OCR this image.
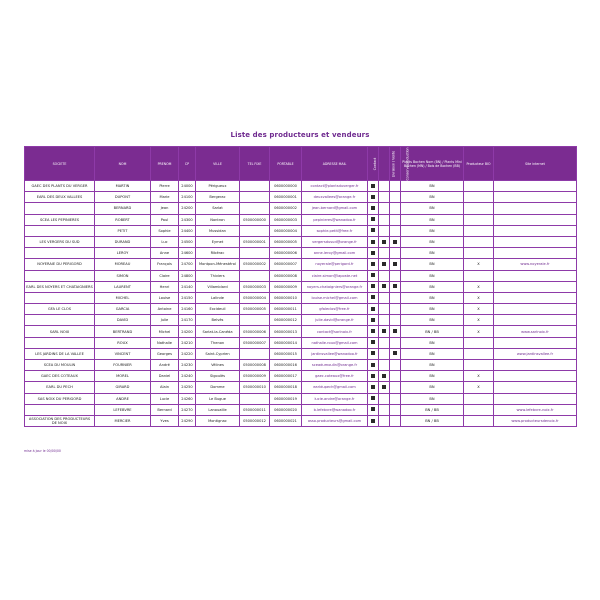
Liste des producteurs et vendeurs
SOCIETE	NOM	PRENOM	CP	VILLE	TEL FIXE	PORTABLE	ADRESSE MAIL	Contact	Livraison / Vente	Conserve production	Plants Bochen Nom (BN) / Plants Mini Bochen (MN) / Bois de Bochen (BB)	Producteur BIO	Site internet
GAEC DES PLANTS DU VERGER	MARTIN	Pierre	24000	Périgueux		0600000000	contact@plantsduverger.fr				BN		
EARL DES DEUX VALLEES	DUPONT	Marie	24100	Bergerac		0600000001	deuxvallees@orange.fr				BN		
	BERNARD	Jean	24200	Sarlat		0600000002	jean.bernard@gmail.com				BN		
SCEA LES PEPINIERES	ROBERT	Paul	24300	Nontron	0500000000	0600000003	pepinieres@wanadoo.fr				BN		
	PETIT	Sophie	24400	Mussidan		0600000004	sophie.petit@free.fr				BN		
LES VERGERS DU SUD	DURAND	Luc	24500	Eymet	0500000001	0600000005	vergersdusud@orange.fr				BN		
	LEROY	Anne	24600	Ribérac		0600000006	anne.leroy@gmail.com				BN		
NOYERAIE DU PERIGORD	MOREAU	François	24700	Montpon-Ménestérol	0500000002	0600000007	noyeraie@perigord.fr				BN	X	www.noyeraie.fr
	SIMON	Claire	24800	Thiviers		0600000008	claire.simon@laposte.net				BN		
EARL DES NOYERS ET CHATAIGNIERS	LAURENT	Henri	24140	Villamblard	0500000003	0600000009	noyers.chataigniers@orange.fr				BN	X	
	MICHEL	Louise	24150	Lalinde	0500000004	0600000010	louise.michel@gmail.com				BN	X	
GFA LE CLOS	GARCIA	Antoine	24160	Excideuil	0500000005	0600000011	gfaleclos@free.fr				BN	X	
	DAVID	Julie	24170	Belvès		0600000012	julie.david@orange.fr				BN	X	
SARL NOIX	BERTRAND	Michel	24200	Sarlat-la-Canéda	0500000006	0600000013	contact@sarlnoix.fr				BN / BB	X	www.sarlnoix.fr
	ROUX	Nathalie	24210	Thenon	0500000007	0600000014	nathalie.roux@gmail.com				BN		
LES JARDINS DE LA VALLEE	VINCENT	Georges	24220	Saint-Cyprien		0600000015	jardinsvallee@wanadoo.fr				BN		www.jardinsvallee.fr
SCEA DU MOULIN	FOURNIER	André	24230	Vélines	0500000008	0600000016	sceadumoulin@orange.fr				BN		
GAEC DES COTEAUX	MOREL	Daniel	24240	Sigoulès	0500000009	0600000017	gaec.coteaux@free.fr				BN	X	
EARL DU PECH	GIRARD	Alain	24250	Domme	0500000010	0600000018	earldupech@gmail.com				BN	X	
SAS NOIX DU PERIGORD	ANDRE	Lucie	24260	Le Bugue		0600000019	lucie.andre@orange.fr				BN		
	LEFEBVRE	Bernard	24270	Lanouaille	0500000011	0600000020	b.lefebvre@wanadoo.fr				BN / BB		www.lefebvre-noix.fr
ASSOCIATION DES PRODUCTEURS DE NOIX	MERCIER	Yves	24290	Montignac	0500000012	0600000021	asso.producteurs@gmail.com				BN / BB		www.producteursdenoix.fr
mise à jour le 00/00/00
